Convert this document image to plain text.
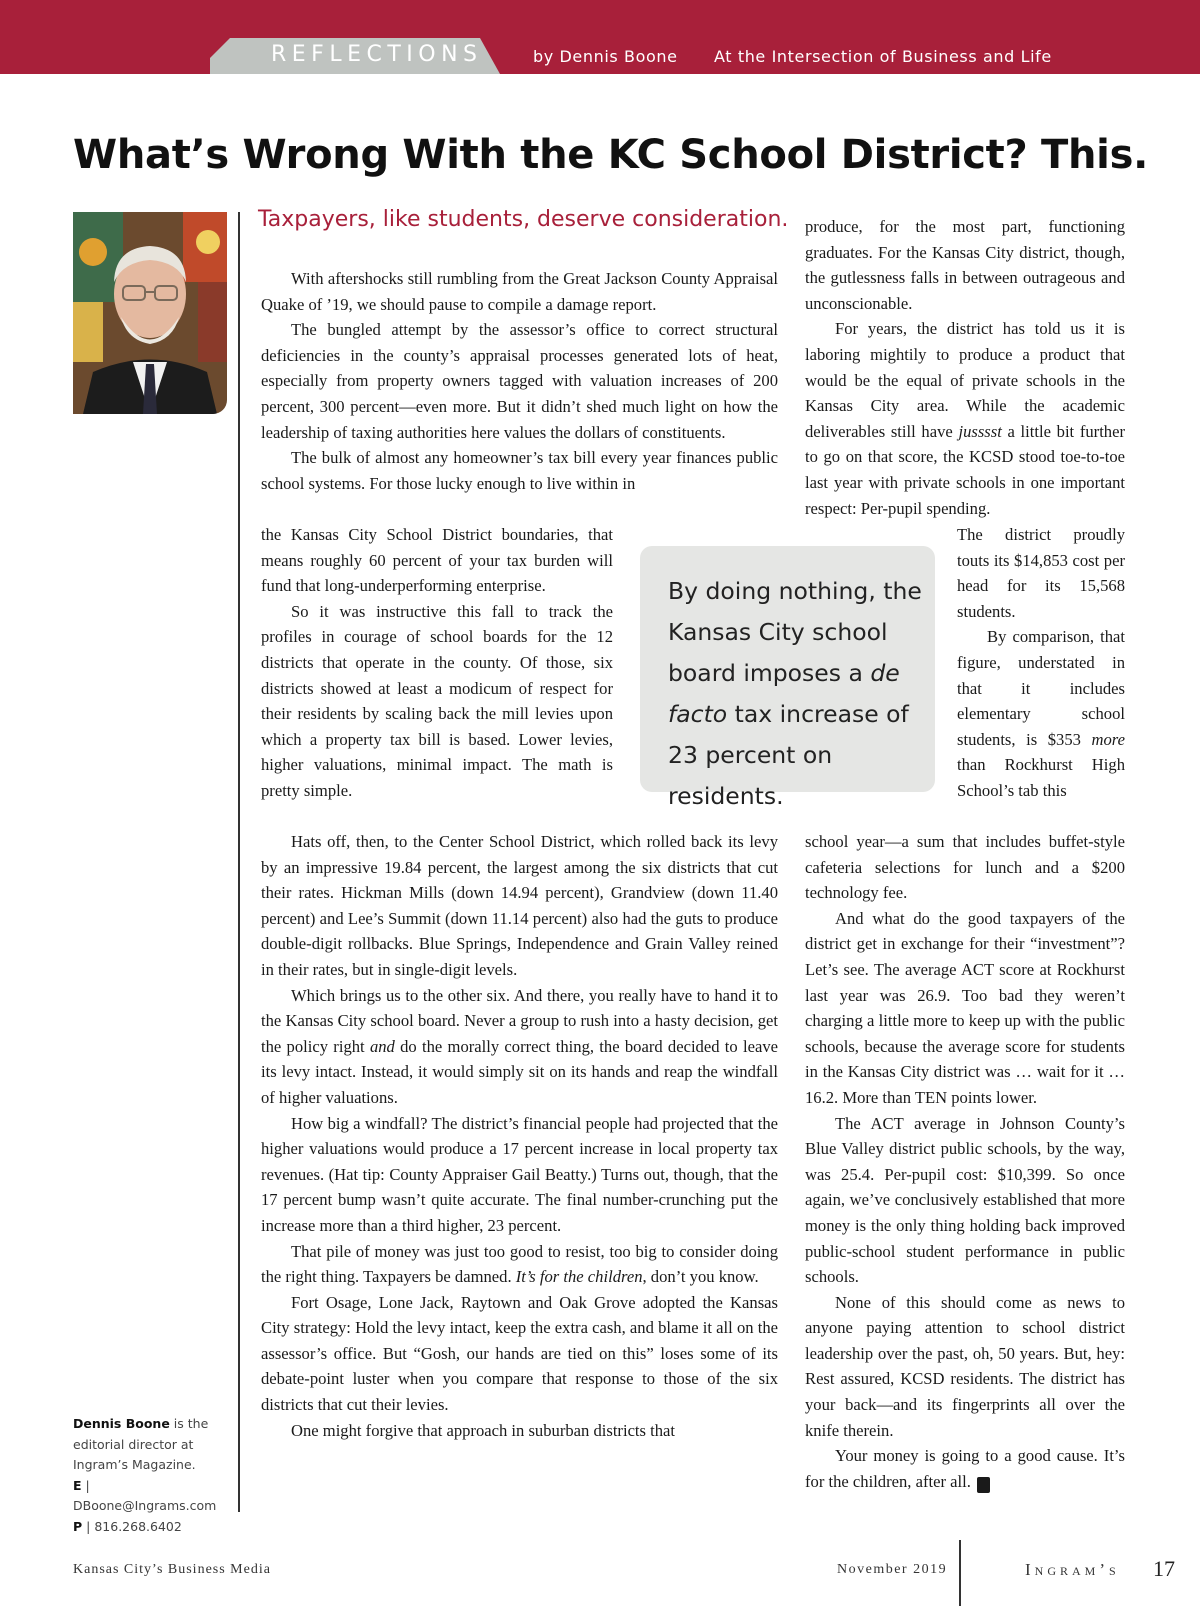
REFLECTIONS	by Dennis Boone At the Intersection of Business and Life
What’s Wrong With the KC School District? This.
Dennis Boone is the editorial director at Ingram’s Magazine.
E | DBoone@Ingrams.com
P | 816.268.6402
Taxpayers, like students, deserve consideration.

With aftershocks still rumbling from the Great Jackson County Appraisal Quake of ’19, we should pause to compile a damage report.

The bungled attempt by the assessor’s office to correct structural deficiencies in the county’s appraisal processes generated lots of heat, especially from property owners tagged with valuation increases of 200 percent, 300 percent—even more. But it didn’t shed much light on how the leadership of taxing authorities here values the dollars of constituents.

The bulk of almost any homeowner’s tax bill every year finances public school systems. For those lucky enough to live within in

the Kansas City School District boundaries, that means roughly 60 percent of your tax burden will fund that long-underperforming enterprise.

So it was instructive this fall to track the profiles in courage of school boards for the 12 districts that operate in the county. Of those, six districts showed at least a modicum of respect for their residents by scaling back the mill levies upon which a property tax bill is based. Lower levies, higher valuations, minimal impact. The math is pretty simple.

Hats off, then, to the Center School District, which rolled back its levy by an impressive 19.84 percent, the largest among the six districts that cut their rates. Hickman Mills (down 14.94 percent), Grandview (down 11.40 percent) and Lee’s Summit (down 11.14 percent) also had the guts to produce double-digit rollbacks. Blue Springs, Independence and Grain Valley reined in their rates, but in single-digit levels.

Which brings us to the other six. And there, you really have to hand it to the Kansas City school board. Never a group to rush into a hasty decision, get the policy right and do the morally correct thing, the board decided to leave its levy intact. Instead, it would simply sit on its hands and reap the windfall of higher valuations.

How big a windfall? The district’s financial people had projected that the higher valuations would produce a 17 percent increase in local property tax revenues. (Hat tip: County Appraiser Gail Beatty.) Turns out, though, that the 17 percent bump wasn’t quite accurate. The final number-crunching put the increase more than a third higher, 23 percent.

That pile of money was just too good to resist, too big to consider doing the right thing. Taxpayers be damned. It’s for the children, don’t you know.

Fort Osage, Lone Jack, Raytown and Oak Grove adopted the Kansas City strategy: Hold the levy intact, keep the extra cash, and blame it all on the assessor’s office. But “Gosh, our hands are tied on this” loses some of its debate-point luster when you compare that response to those of the six districts that cut their levies.

One might forgive that approach in suburban districts that

By doing nothing, the Kansas City school board imposes a de facto tax increase of 23 percent on residents.

produce, for the most part, functioning graduates. For the Kansas City district, though, the gutlessness falls in between outrageous and unconscionable.

For years, the district has told us it is laboring mightily to produce a product that would be the equal of private schools in the Kansas City area. While the academic deliverables still have jusssst a little bit further to go on that score, the KCSD stood toe-to-toe last year with private schools in one important respect: Per-pupil spending.

The district proudly touts its $14,853 cost per head for its 15,568 students.

By comparison, that figure, understated in that it includes elementary school students, is $353 more than Rockhurst High School’s tab this

school year—a sum that includes buffet-style cafeteria selections for lunch and a $200 technology fee.

And what do the good taxpayers of the district get in exchange for their “investment”? Let’s see. The average ACT score at Rockhurst last year was 26.9. Too bad they weren’t charging a little more to keep up with the public schools, because the average score for students in the Kansas City district was … wait for it … 16.2. More than TEN points lower.

The ACT average in Johnson County’s Blue Valley district public schools, by the way, was 25.4. Per-pupil cost: $10,399. So once again, we’ve conclusively established that more money is the only thing holding back improved public-school student performance in public schools.

None of this should come as news to anyone paying attention to school district leadership over the past, oh, 50 years. But, hey: Rest assured, KCSD residents. The district has your back—and its fingerprints all over the knife therein.

Your money is going to a good cause. It’s for the children, after all.	I

Kansas City’s Business Media	November 2019	Ingram’s 17
